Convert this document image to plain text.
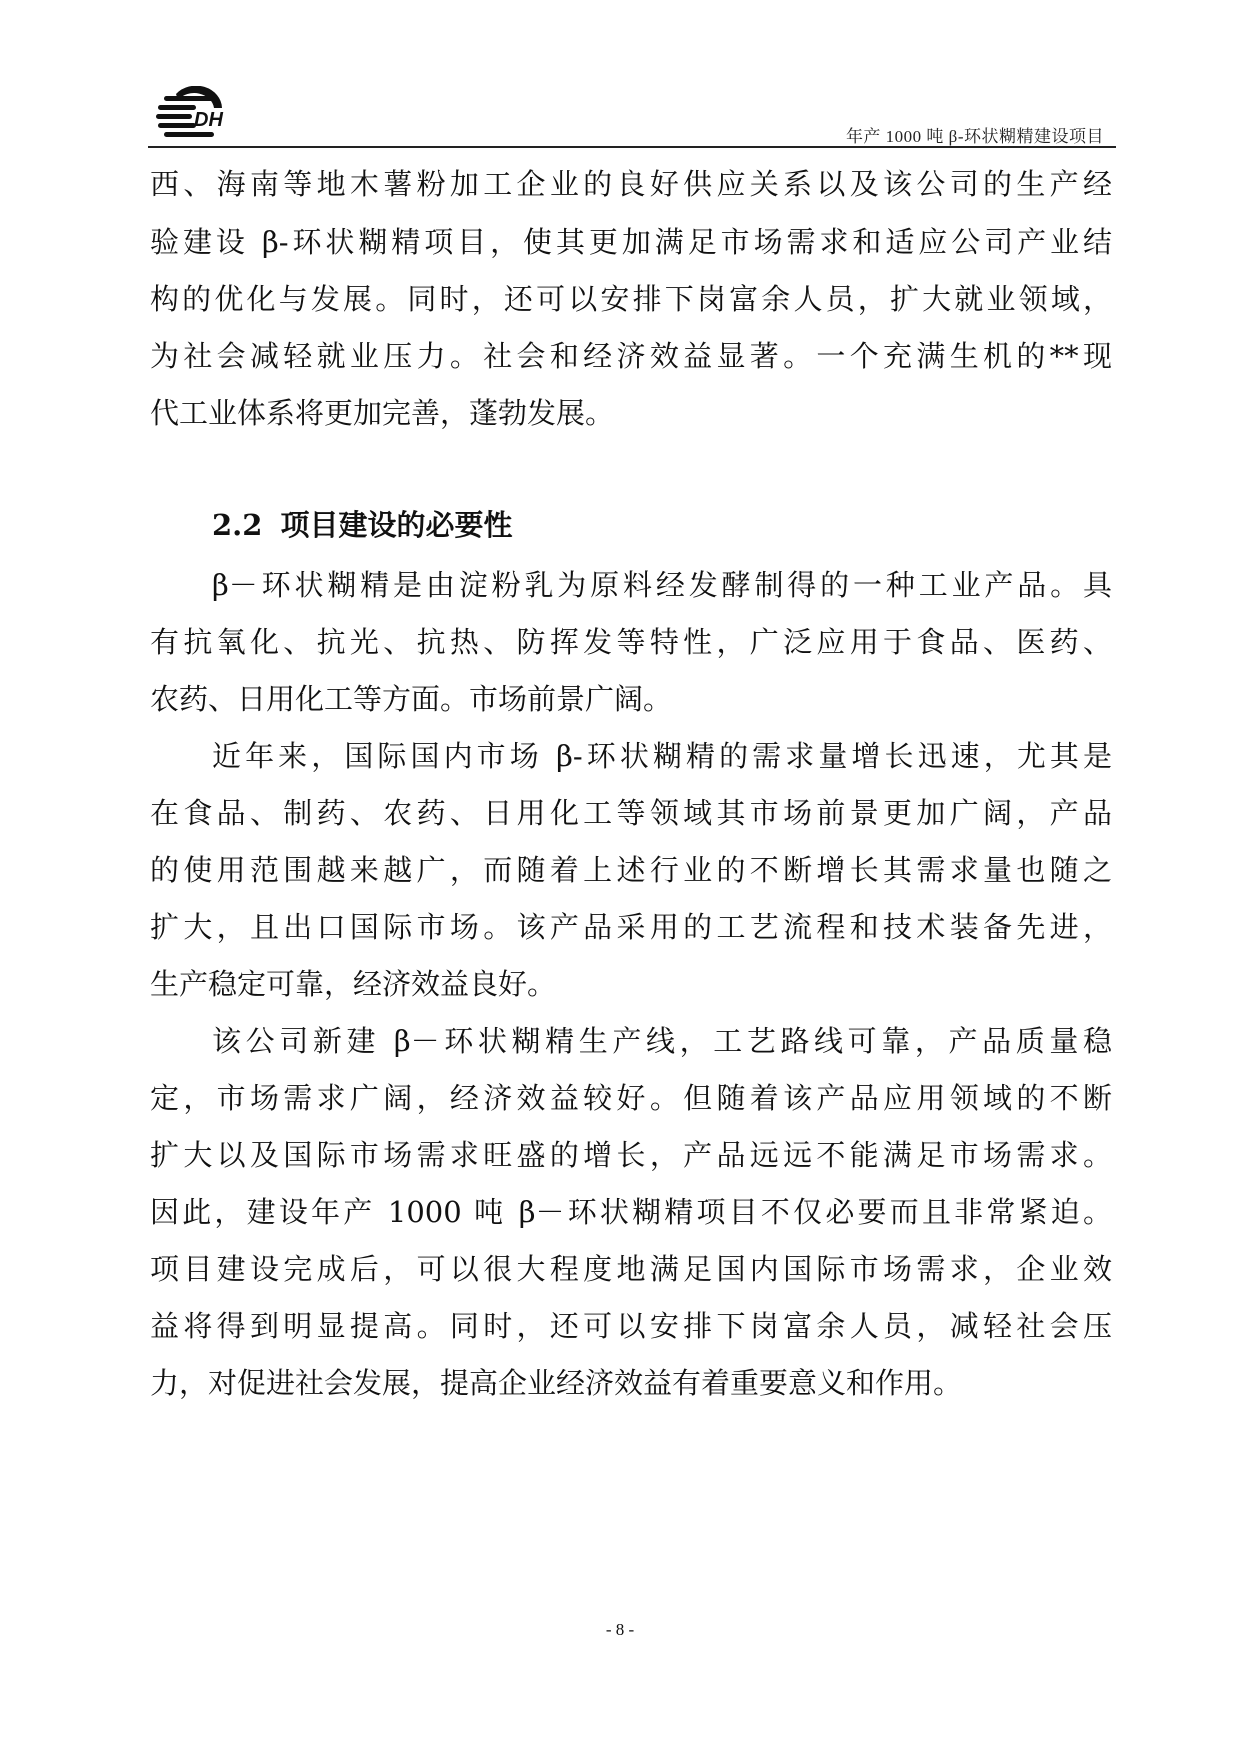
DH
年产 1000 吨 β-环状糊精建设项目
西、海南等地木薯粉加工企业的良好供应关系以及该公司的生产经
验建设 β-环状糊精项目，使其更加满足市场需求和适应公司产业结
构的优化与发展。同时，还可以安排下岗富余人员，扩大就业领域，
为社会减轻就业压力。社会和经济效益显著。一个充满生机的**现
代工业体系将更加完善，蓬勃发展。
2.2 项目建设的必要性
β－环状糊精是由淀粉乳为原料经发酵制得的一种工业产品。具
有抗氧化、抗光、抗热、防挥发等特性，广泛应用于食品、医药、
农药、日用化工等方面。市场前景广阔。
近年来，国际国内市场 β-环状糊精的需求量增长迅速，尤其是
在食品、制药、农药、日用化工等领域其市场前景更加广阔，产品
的使用范围越来越广，而随着上述行业的不断增长其需求量也随之
扩大，且出口国际市场。该产品采用的工艺流程和技术装备先进，
生产稳定可靠，经济效益良好。
该公司新建 β－环状糊精生产线，工艺路线可靠，产品质量稳
定，市场需求广阔，经济效益较好。但随着该产品应用领域的不断
扩大以及国际市场需求旺盛的增长，产品远远不能满足市场需求。
因此，建设年产 1000 吨 β－环状糊精项目不仅必要而且非常紧迫。
项目建设完成后，可以很大程度地满足国内国际市场需求，企业效
益将得到明显提高。同时，还可以安排下岗富余人员，减轻社会压
力，对促进社会发展，提高企业经济效益有着重要意义和作用。
- 8 -
